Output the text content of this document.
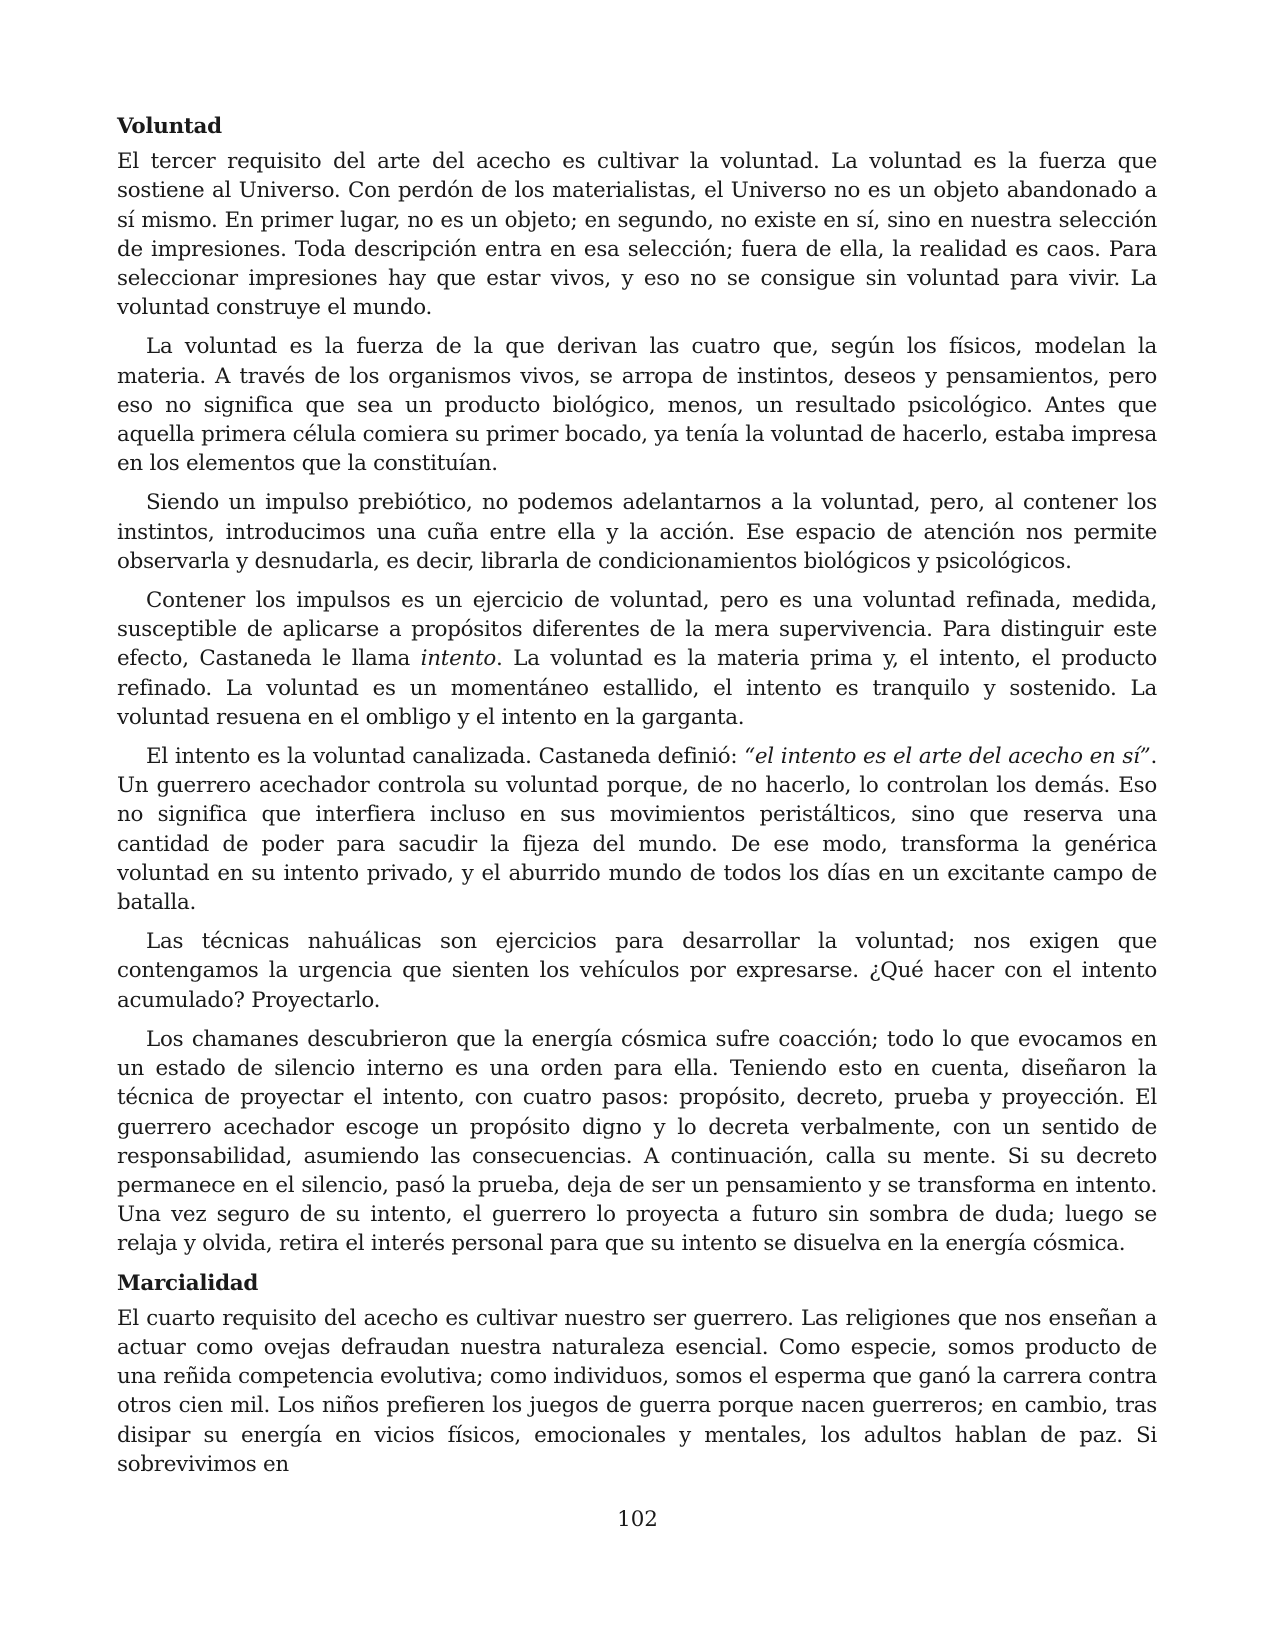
Voluntad

El tercer requisito del arte del acecho es cultivar la voluntad. La voluntad es la fuerza que sostiene al Universo. Con perdón de los materialistas, el Universo no es un objeto abandonado a sí mismo. En primer lugar, no es un objeto; en segundo, no existe en sí, sino en nuestra selección de impresiones. Toda descripción entra en esa selección; fuera de ella, la realidad es caos. Para seleccionar impresiones hay que estar vivos, y eso no se consigue sin voluntad para vivir. La voluntad construye el mundo.

La voluntad es la fuerza de la que derivan las cuatro que, según los físicos, modelan la materia. A través de los organismos vivos, se arropa de instintos, deseos y pensamientos, pero eso no significa que sea un producto biológico, menos, un resultado psicológico. Antes que aquella primera célula comiera su primer bocado, ya tenía la voluntad de hacerlo, estaba impresa en los elementos que la constituían.

Siendo un impulso prebiótico, no podemos adelantarnos a la voluntad, pero, al contener los instintos, introducimos una cuña entre ella y la acción. Ese espacio de atención nos permite observarla y desnudarla, es decir, librarla de condicionamientos biológicos y psicológicos.

Contener los impulsos es un ejercicio de voluntad, pero es una voluntad refinada, medida, susceptible de aplicarse a propósitos diferentes de la mera supervivencia. Para distinguir este efecto, Castaneda le llama intento. La voluntad es la materia prima y, el intento, el producto refinado. La voluntad es un momentáneo estallido, el intento es tranquilo y sostenido. La voluntad resuena en el ombligo y el intento en la garganta.

El intento es la voluntad canalizada. Castaneda definió: “el intento es el arte del acecho en sí”. Un guerrero acechador controla su voluntad porque, de no hacerlo, lo controlan los demás. Eso no significa que interfiera incluso en sus movimientos peristálticos, sino que reserva una cantidad de poder para sacudir la fijeza del mundo. De ese modo, transforma la genérica voluntad en su intento privado, y el aburrido mundo de todos los días en un excitante campo de batalla.

Las técnicas nahuálicas son ejercicios para desarrollar la voluntad; nos exigen que contengamos la urgencia que sienten los vehículos por expresarse. ¿Qué hacer con el intento acumulado? Proyectarlo.

Los chamanes descubrieron que la energía cósmica sufre coacción; todo lo que evocamos en un estado de silencio interno es una orden para ella. Teniendo esto en cuenta, diseñaron la técnica de proyectar el intento, con cuatro pasos: propósito, decreto, prueba y proyección. El guerrero acechador escoge un propósito digno y lo decreta verbalmente, con un sentido de responsabilidad, asumiendo las consecuencias. A continuación, calla su mente. Si su decreto permanece en el silencio, pasó la prueba, deja de ser un pensamiento y se transforma en intento. Una vez seguro de su intento, el guerrero lo proyecta a futuro sin sombra de duda; luego se relaja y olvida, retira el interés personal para que su intento se disuelva en la energía cósmica.

Marcialidad

El cuarto requisito del acecho es cultivar nuestro ser guerrero. Las religiones que nos enseñan a actuar como ovejas defraudan nuestra naturaleza esencial. Como especie, somos producto de una reñida competencia evolutiva; como individuos, somos el esperma que ganó la carrera contra otros cien mil. Los niños prefieren los juegos de guerra porque nacen guerreros; en cambio, tras disipar su energía en vicios físicos, emocionales y mentales, los adultos hablan de paz. Si sobrevivimos en

102
